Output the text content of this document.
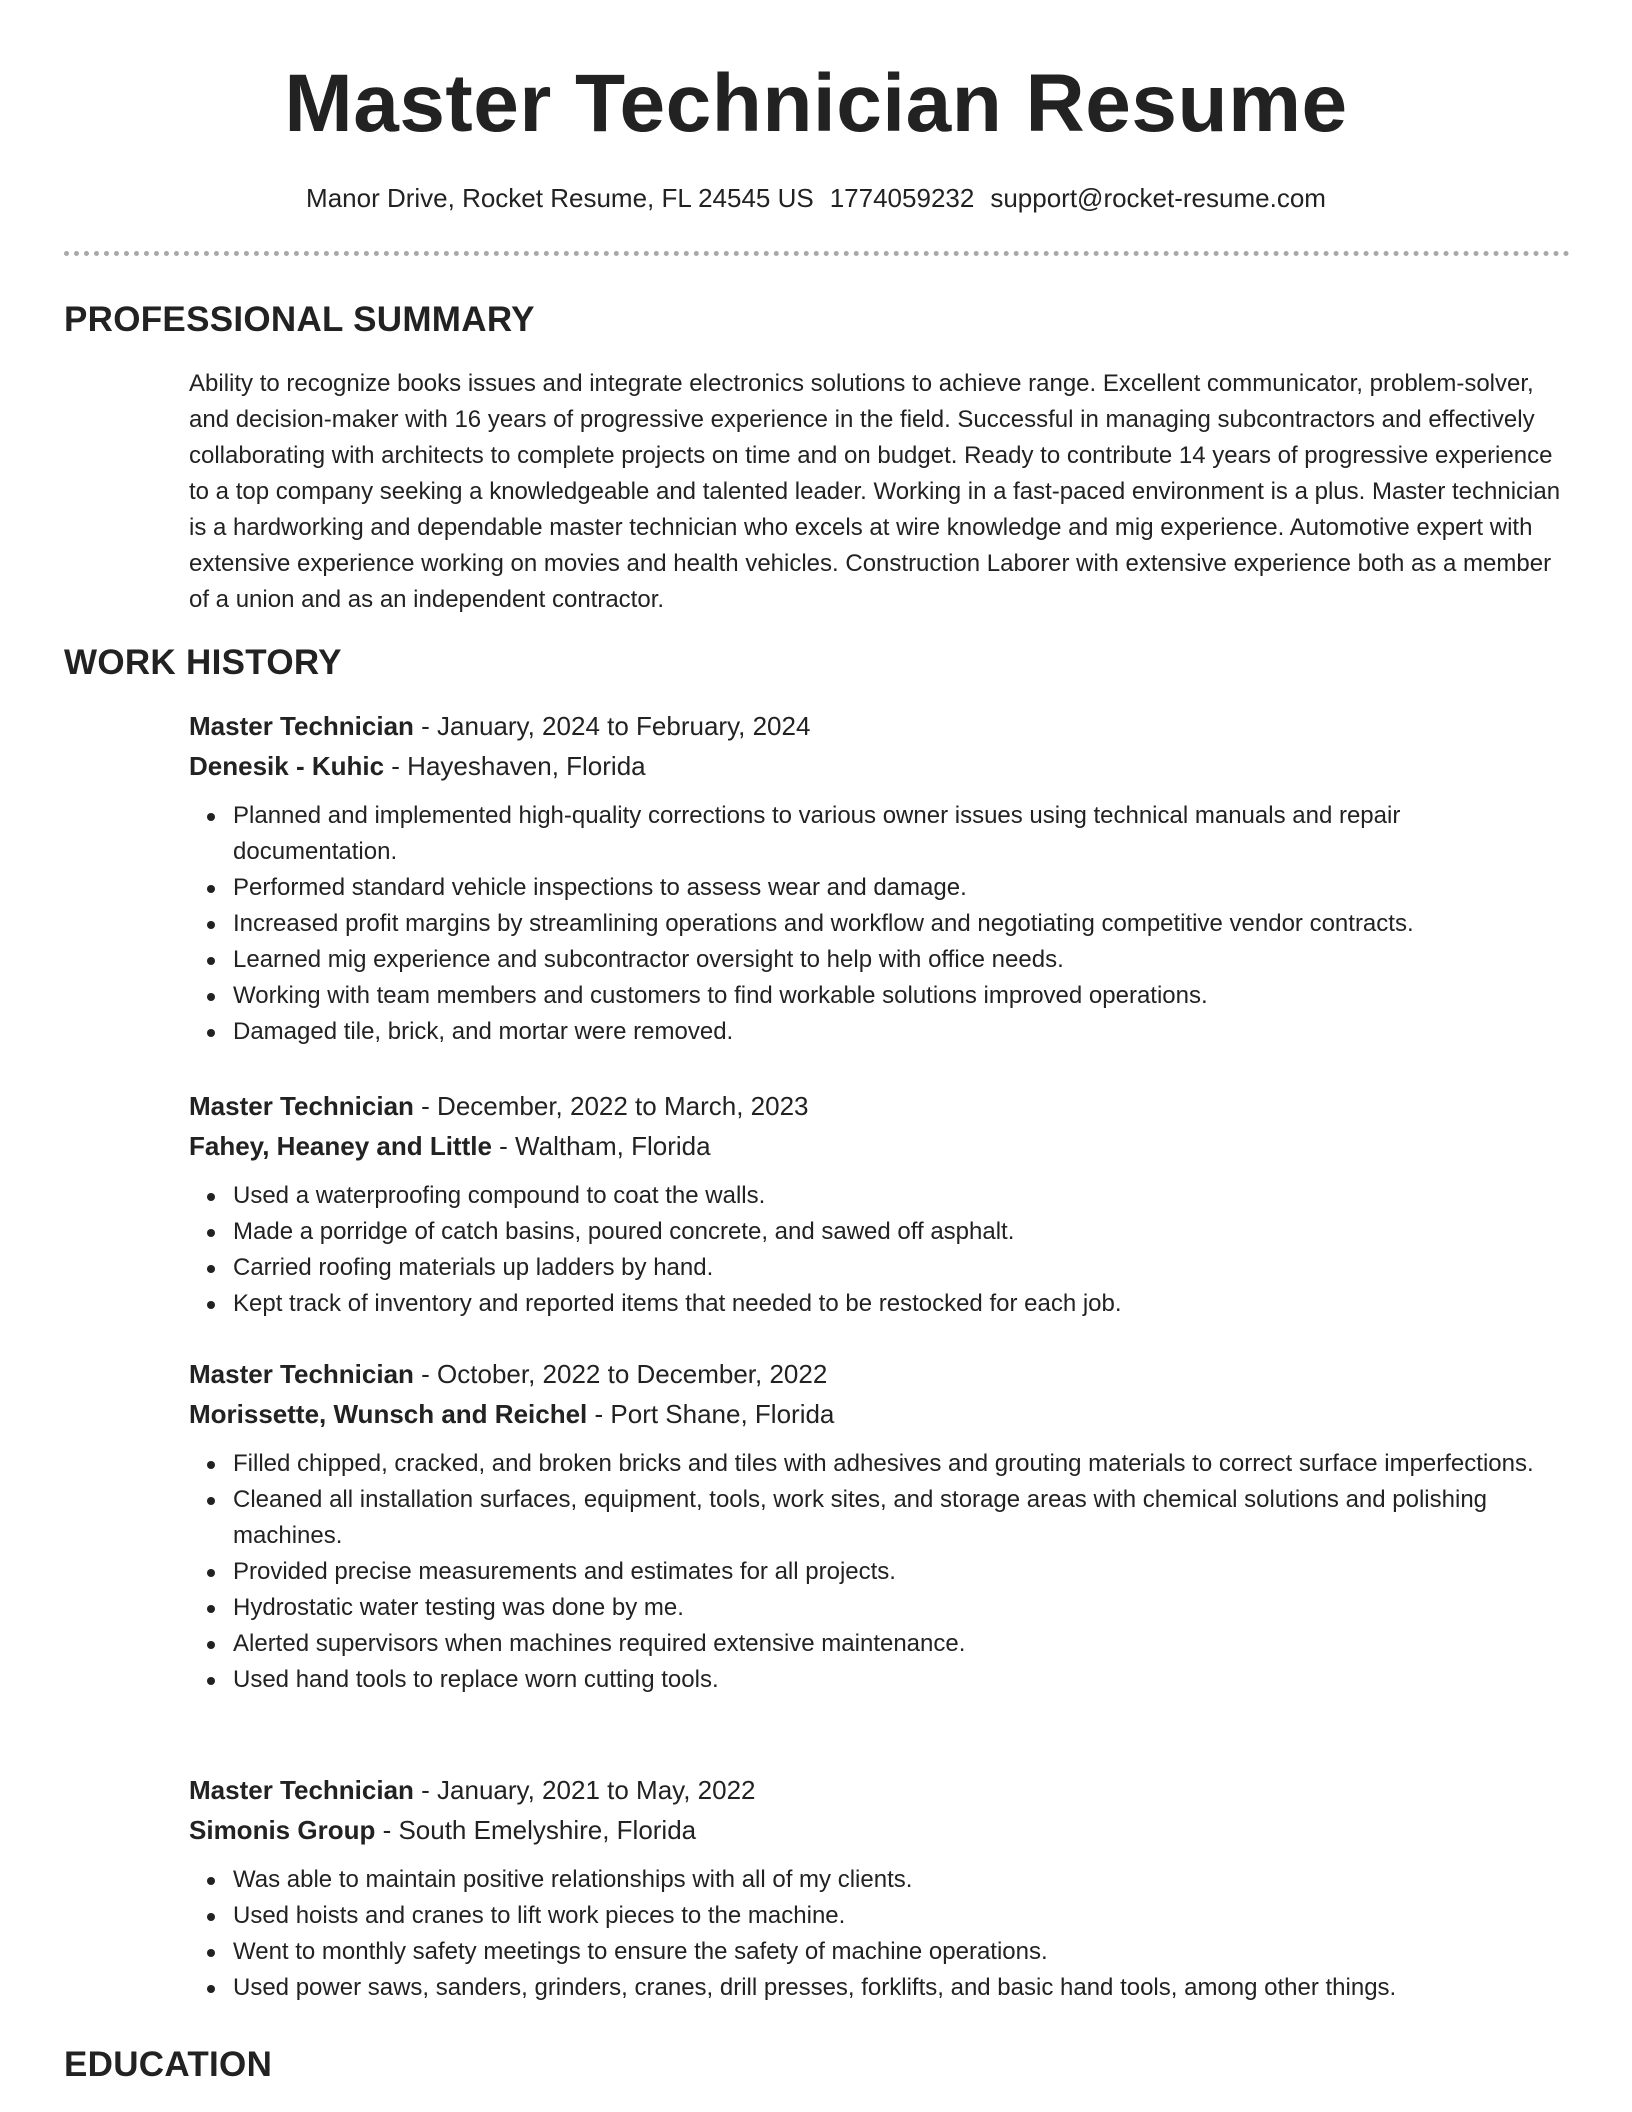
Master Technician Resume
Manor Drive, Rocket Resume, FL 24545 US 1774059232 support@rocket-resume.com
PROFESSIONAL SUMMARY
Ability to recognize books issues and integrate electronics solutions to achieve range. Excellent communicator, problem-solver, and decision-maker with 16 years of progressive experience in the field. Successful in managing subcontractors and effectively collaborating with architects to complete projects on time and on budget. Ready to contribute 14 years of progressive experience to a top company seeking a knowledgeable and talented leader. Working in a fast-paced environment is a plus. Master technician is a hardworking and dependable master technician who excels at wire knowledge and mig experience. Automotive expert with extensive experience working on movies and health vehicles. Construction Laborer with extensive experience both as a member of a union and as an independent contractor.
WORK HISTORY
Master Technician - January, 2024 to February, 2024
Denesik - Kuhic - Hayeshaven, Florida
Planned and implemented high-quality corrections to various owner issues using technical manuals and repair documentation.
Performed standard vehicle inspections to assess wear and damage.
Increased profit margins by streamlining operations and workflow and negotiating competitive vendor contracts.
Learned mig experience and subcontractor oversight to help with office needs.
Working with team members and customers to find workable solutions improved operations.
Damaged tile, brick, and mortar were removed.
Master Technician - December, 2022 to March, 2023
Fahey, Heaney and Little - Waltham, Florida
Used a waterproofing compound to coat the walls.
Made a porridge of catch basins, poured concrete, and sawed off asphalt.
Carried roofing materials up ladders by hand.
Kept track of inventory and reported items that needed to be restocked for each job.
Master Technician - October, 2022 to December, 2022
Morissette, Wunsch and Reichel - Port Shane, Florida
Filled chipped, cracked, and broken bricks and tiles with adhesives and grouting materials to correct surface imperfections.
Cleaned all installation surfaces, equipment, tools, work sites, and storage areas with chemical solutions and polishing machines.
Provided precise measurements and estimates for all projects.
Hydrostatic water testing was done by me.
Alerted supervisors when machines required extensive maintenance.
Used hand tools to replace worn cutting tools.
Master Technician - January, 2021 to May, 2022
Simonis Group - South Emelyshire, Florida
Was able to maintain positive relationships with all of my clients.
Used hoists and cranes to lift work pieces to the machine.
Went to monthly safety meetings to ensure the safety of machine operations.
Used power saws, sanders, grinders, cranes, drill presses, forklifts, and basic hand tools, among other things.
EDUCATION
